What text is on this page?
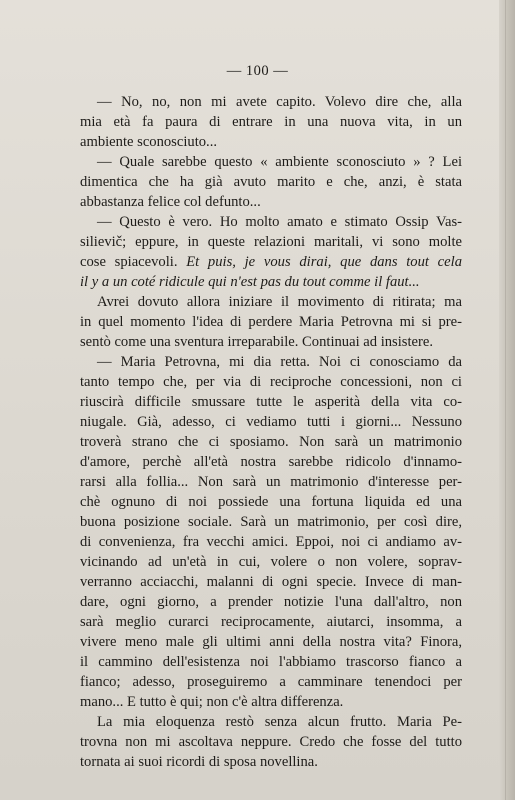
— 100 —
— No, no, non mi avete capito. Volevo dire che, alla
mia età fa paura di entrare in una nuova vita, in un
ambiente sconosciuto...
— Quale sarebbe questo « ambiente sconosciuto » ? Lei
dimentica che ha già avuto marito e che, anzi, è stata
abbastanza felice col defunto...
— Questo è vero. Ho molto amato e stimato Ossip Vas-
silievič; eppure, in queste relazioni maritali, vi sono molte
cose spiacevoli. Et puis, je vous dirai, que dans tout cela
il y a un coté ridicule qui n'est pas du tout comme il faut...
Avrei dovuto allora iniziare il movimento di ritirata; ma
in quel momento l'idea di perdere Maria Petrovna mi si pre-
sentò come una sventura irreparabile. Continuai ad insistere.
— Maria Petrovna, mi dia retta. Noi ci conosciamo da
tanto tempo che, per via di reciproche concessioni, non ci
riuscirà difficile smussare tutte le asperità della vita co-
niugale. Già, adesso, ci vediamo tutti i giorni... Nessuno
troverà strano che ci sposiamo. Non sarà un matrimonio
d'amore, perchè all'età nostra sarebbe ridicolo d'innamo-
rarsi alla follia... Non sarà un matrimonio d'interesse per-
chè ognuno di noi possiede una fortuna liquida ed una
buona posizione sociale. Sarà un matrimonio, per così dire,
di convenienza, fra vecchi amici. Eppoi, noi ci andiamo av-
vicinando ad un'età in cui, volere o non volere, soprav-
verranno acciacchi, malanni di ogni specie. Invece di man-
dare, ogni giorno, a prender notizie l'una dall'altro, non
sarà meglio curarci reciprocamente, aiutarci, insomma, a
vivere meno male gli ultimi anni della nostra vita? Finora,
il cammino dell'esistenza noi l'abbiamo trascorso fianco a
fianco; adesso, proseguiremo a camminare tenendoci per
mano... E tutto è qui; non c'è altra differenza.
La mia eloquenza restò senza alcun frutto. Maria Pe-
trovna non mi ascoltava neppure. Credo che fosse del tutto
tornata ai suoi ricordi di sposa novellina.
